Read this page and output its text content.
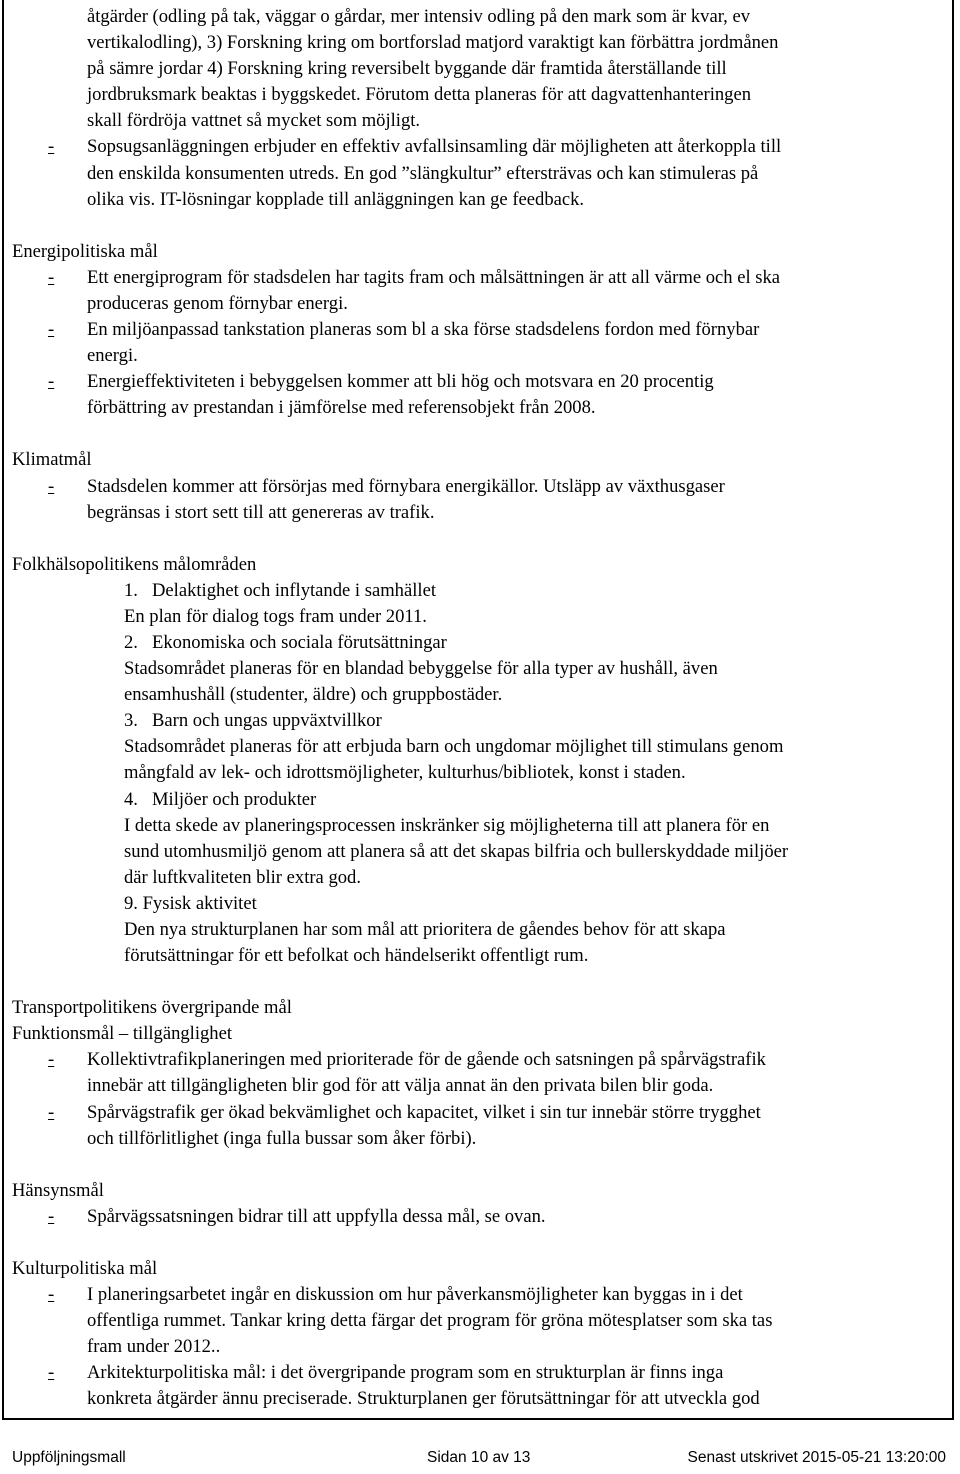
åtgärder (odling på tak, väggar o gårdar, mer intensiv odling på den mark som är kvar, ev
vertikalodling), 3) Forskning kring om bortforslad matjord varaktigt kan förbättra jordmånen
på sämre jordar 4) Forskning kring reversibelt byggande där framtida återställande till
jordbruksmark beaktas i byggskedet. Förutom detta planeras för att dagvattenhanteringen
skall fördröja vattnet så mycket som möjligt.
- Sopsugsanläggningen erbjuder en effektiv avfallsinsamling där möjligheten att återkoppla till
den enskilda konsumenten utreds. En god ”slängkultur” eftersträvas och kan stimuleras på
olika vis. IT-lösningar kopplade till anläggningen kan ge feedback.
Energipolitiska mål
- Ett energiprogram för stadsdelen har tagits fram och målsättningen är att all värme och el ska
produceras genom förnybar energi.
- En miljöanpassad tankstation planeras som bl a ska förse stadsdelens fordon med förnybar
energi.
- Energieffektiviteten i bebyggelsen kommer att bli hög och motsvara en 20 procentig
förbättring av prestandan i jämförelse med referensobjekt från 2008.
Klimatmål
- Stadsdelen kommer att försörjas med förnybara energikällor. Utsläpp av växthusgaser
begränsas i stort sett till att genereras av trafik.
Folkhälsopolitikens målområden
1. Delaktighet och inflytande i samhället
En plan för dialog togs fram under 2011.
2. Ekonomiska och sociala förutsättningar
Stadsområdet planeras för en blandad bebyggelse för alla typer av hushåll, även
ensamhushåll (studenter, äldre) och gruppbostäder.
3. Barn och ungas uppväxtvillkor
Stadsområdet planeras för att erbjuda barn och ungdomar möjlighet till stimulans genom
mångfald av lek- och idrottsmöjligheter, kulturhus/bibliotek, konst i staden.
4. Miljöer och produkter
I detta skede av planeringsprocessen inskränker sig möjligheterna till att planera för en
sund utomhusmiljö genom att planera så att det skapas bilfria och bullerskyddade miljöer
där luftkvaliteten blir extra god.
9. Fysisk aktivitet
Den nya strukturplanen har som mål att prioritera de gåendes behov för att skapa
förutsättningar för ett befolkat och händelserikt offentligt rum.
Transportpolitikens övergripande mål
Funktionsmål – tillgänglighet
- Kollektivtrafikplaneringen med prioriterade för de gående och satsningen på spårvägstrafik
innebär att tillgängligheten blir god för att välja annat än den privata bilen blir goda.
- Spårvägstrafik ger ökad bekvämlighet och kapacitet, vilket i sin tur innebär större trygghet
och tillförlitlighet (inga fulla bussar som åker förbi).
Hänsynsmål
- Spårvägssatsningen bidrar till att uppfylla dessa mål, se ovan.
Kulturpolitiska mål
- I planeringsarbetet ingår en diskussion om hur påverkansmöjligheter kan byggas in i det
offentliga rummet. Tankar kring detta färgar det program för gröna mötesplatser som ska tas
fram under 2012..
- Arkitekturpolitiska mål: i det övergripande program som en strukturplan är finns inga
konkreta åtgärder ännu preciserade. Strukturplanen ger förutsättningar för att utveckla god
Uppföljningsmall	Sidan 10 av 13	Senast utskrivet 2015-05-21 13:20:00
